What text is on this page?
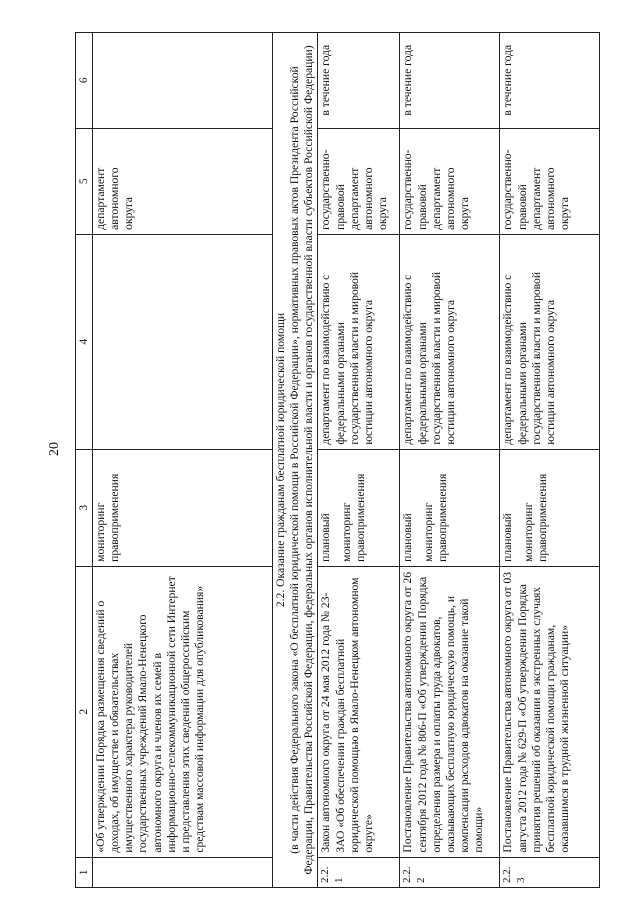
20
1	2	3	4	5	6
	«Об утверждении Порядка размещения сведений о доходах, об имуществе и обязательствах имущественного характера руководителей государственных учреждений Ямало-Ненецкого автономного округа и членов их семей в информационно-телекоммуникационной сети Интернет и представления этих сведений общероссийским средствам массовой информации для опубликования»	мониторинг правоприменения		департамент автономного округа	

2.2. Оказание гражданам бесплатной юридической помощи (в части действия Федерального закона «О бесплатной юридической помощи в Российской Федерации», нормативных правовых актов Президента Российской Федерации, Правительства Российской Федерации, федеральных органов исполнительной власти и органов государственной власти субъектов Российской Федерации)					

2.2.1	Закон автономного округа от 24 мая 2012 года № 23-ЗАО «Об обеспечении граждан бесплатной юридической помощью в Ямало-Ненецком автономном округе»	плановый мониторинг правоприменения	департамент по взаимодействию с федеральными органами государственной власти и мировой юстиции автономного округа	государственно-правовой департамент автономного округа	в течение года
2.2.2	Постановление Правительства автономного округа от 26 сентября 2012 года № 806-П «Об утверждении Порядка определения размера и оплаты труда адвокатов, оказывающих бесплатную юридическую помощь, и компенсации расходов адвокатов на оказание такой помощи»	плановый мониторинг правоприменения	департамент по взаимодействию с федеральными органами государственной власти и мировой юстиции автономного округа	государственно-правовой департамент автономного округа	в течение года
2.2.3	Постановление Правительства автономного округа от 03 августа 2012 года № 629-П «Об утверждении Порядка принятия решений об оказании в экстренных случаях бесплатной юридической помощи гражданам, оказавшимся в трудной жизненной ситуации»	плановый мониторинг правоприменения	департамент по взаимодействию с федеральными органами государственной власти и мировой юстиции автономного округа	государственно-правовой департамент автономного округа	в течение года
